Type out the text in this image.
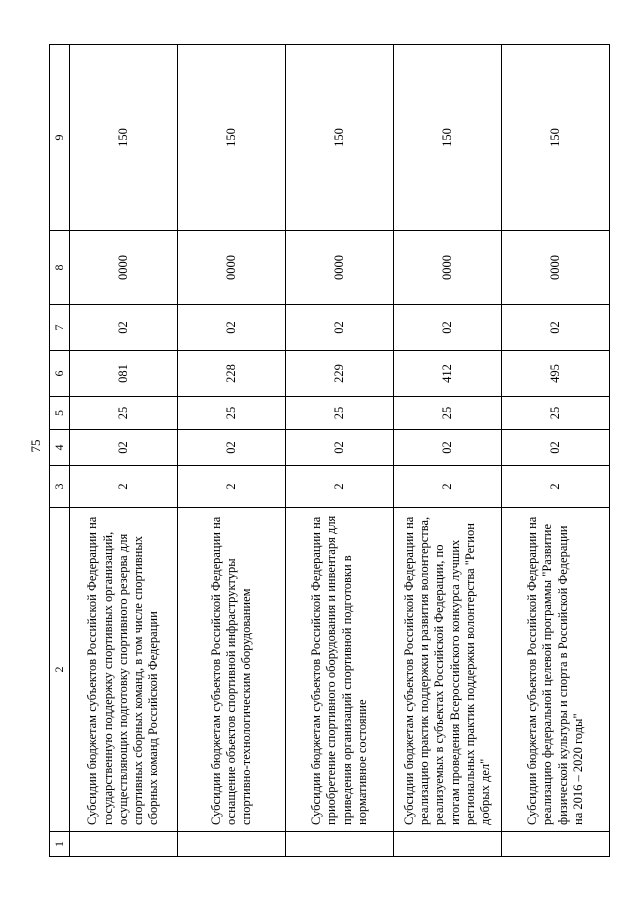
75
1	2	3	4	5	6	7	8	9
	Субсидии бюджетам субъектов Российской Федерации на государственную поддержку спортивных организаций, осуществляющих подготовку спортивного резерва для спортивных сборных команд, в том числе спортивных сборных команд Российской Федерации	2	02	25	081	02	0000	150
	Субсидии бюджетам субъектов Российской Федерации на оснащение объектов спортивной инфраструктуры спортивно-технологическим оборудованием	2	02	25	228	02	0000	150
	Субсидии бюджетам субъектов Российской Федерации на приобретение спортивного оборудования и инвентаря для приведения организаций спортивной подготовки в нормативное состояние	2	02	25	229	02	0000	150
	Субсидии бюджетам субъектов Российской Федерации на реализацию практик поддержки и развития волонтерства, реализуемых в субъектах Российской Федерации, по итогам проведения Всероссийского конкурса лучших региональных практик поддержки волонтерства "Регион добрых дел"	2	02	25	412	02	0000	150
	Субсидии бюджетам субъектов Российской Федерации на реализацию федеральной целевой программы "Развитие физической культуры и спорта в Российской Федерации на 2016 – 2020 годы"	2	02	25	495	02	0000	150
